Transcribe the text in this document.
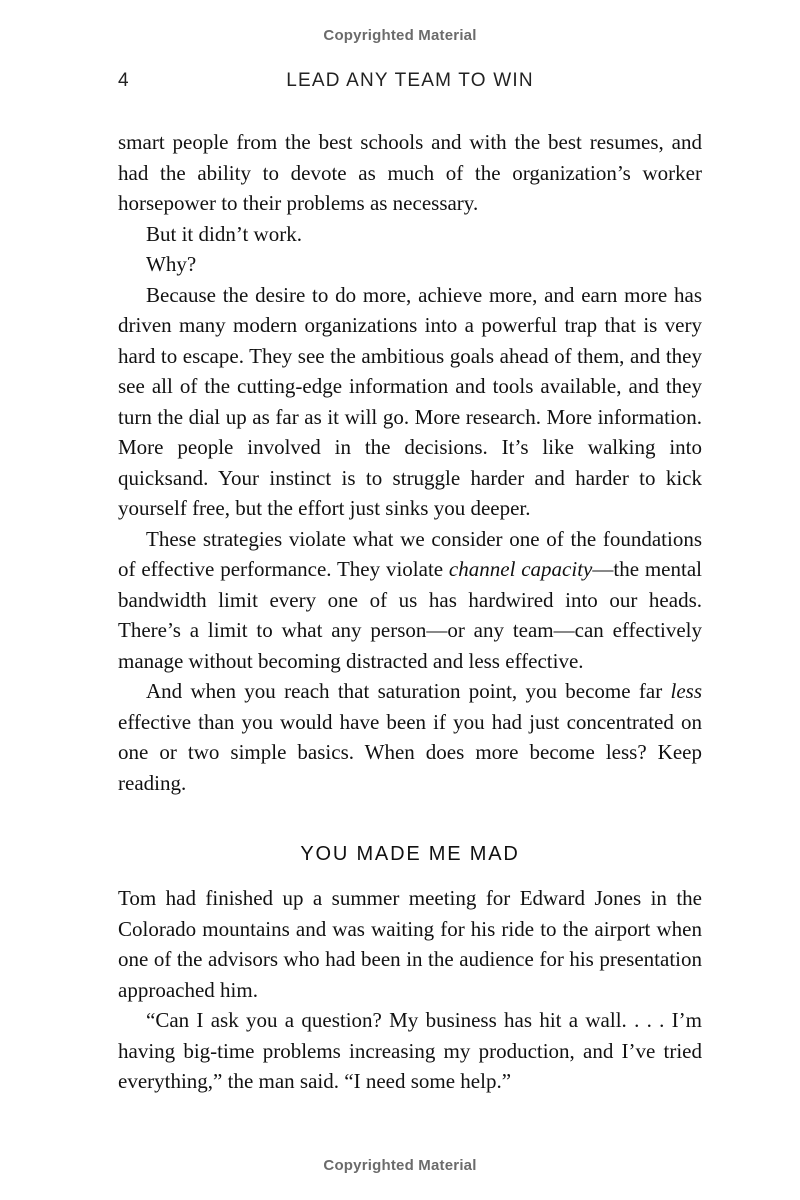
Copyrighted Material
4	LEAD ANY TEAM TO WIN

smart people from the best schools and with the best resumes, and had the ability to devote as much of the organization’s worker horsepower to their problems as necessary.

But it didn’t work.

Why?

Because the desire to do more, achieve more, and earn more has driven many modern organizations into a powerful trap that is very hard to escape. They see the ambitious goals ahead of them, and they see all of the cutting-edge information and tools available, and they turn the dial up as far as it will go. More research. More information. More people involved in the decisions. It’s like walking into quicksand. Your instinct is to struggle harder and harder to kick yourself free, but the effort just sinks you deeper.

These strategies violate what we consider one of the foundations of effective performance. They violate channel capacity—the mental bandwidth limit every one of us has hardwired into our heads. There’s a limit to what any person—or any team—can effectively manage without becoming distracted and less effective.

And when you reach that saturation point, you become far less effective than you would have been if you had just concentrated on one or two simple basics. When does more become less? Keep reading.

YOU MADE ME MAD

Tom had finished up a summer meeting for Edward Jones in the Colorado mountains and was waiting for his ride to the airport when one of the advisors who had been in the audience for his presentation approached him.

“Can I ask you a question? My business has hit a wall. . . . I’m having big-time problems increasing my production, and I’ve tried everything,” the man said. “I need some help.”

Copyrighted Material
